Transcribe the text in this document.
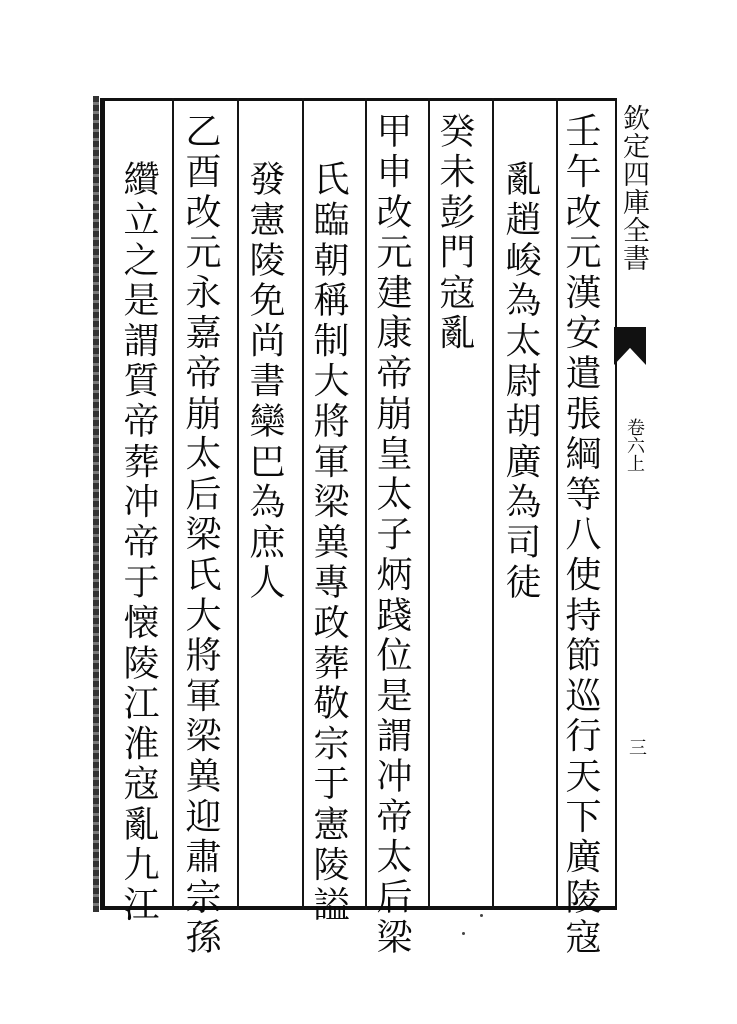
欽定四庫全書
卷六上
三
壬午改元漢安遣張綱等八使持節巡行天下廣陵寇
亂趙峻為太尉胡廣為司徒
癸未彭門寇亂
甲申改元建康帝崩皇太子炳踐位是謂冲帝太后梁
氏臨朝稱制大將軍梁兾專政葬敬宗于憲陵謚
發憲陵免尚書欒巴為庶人
乙酉改元永嘉帝崩太后梁氏大將軍梁兾迎肅宗孫
纘立之是謂質帝葬冲帝于懐陵江淮寇亂九江
